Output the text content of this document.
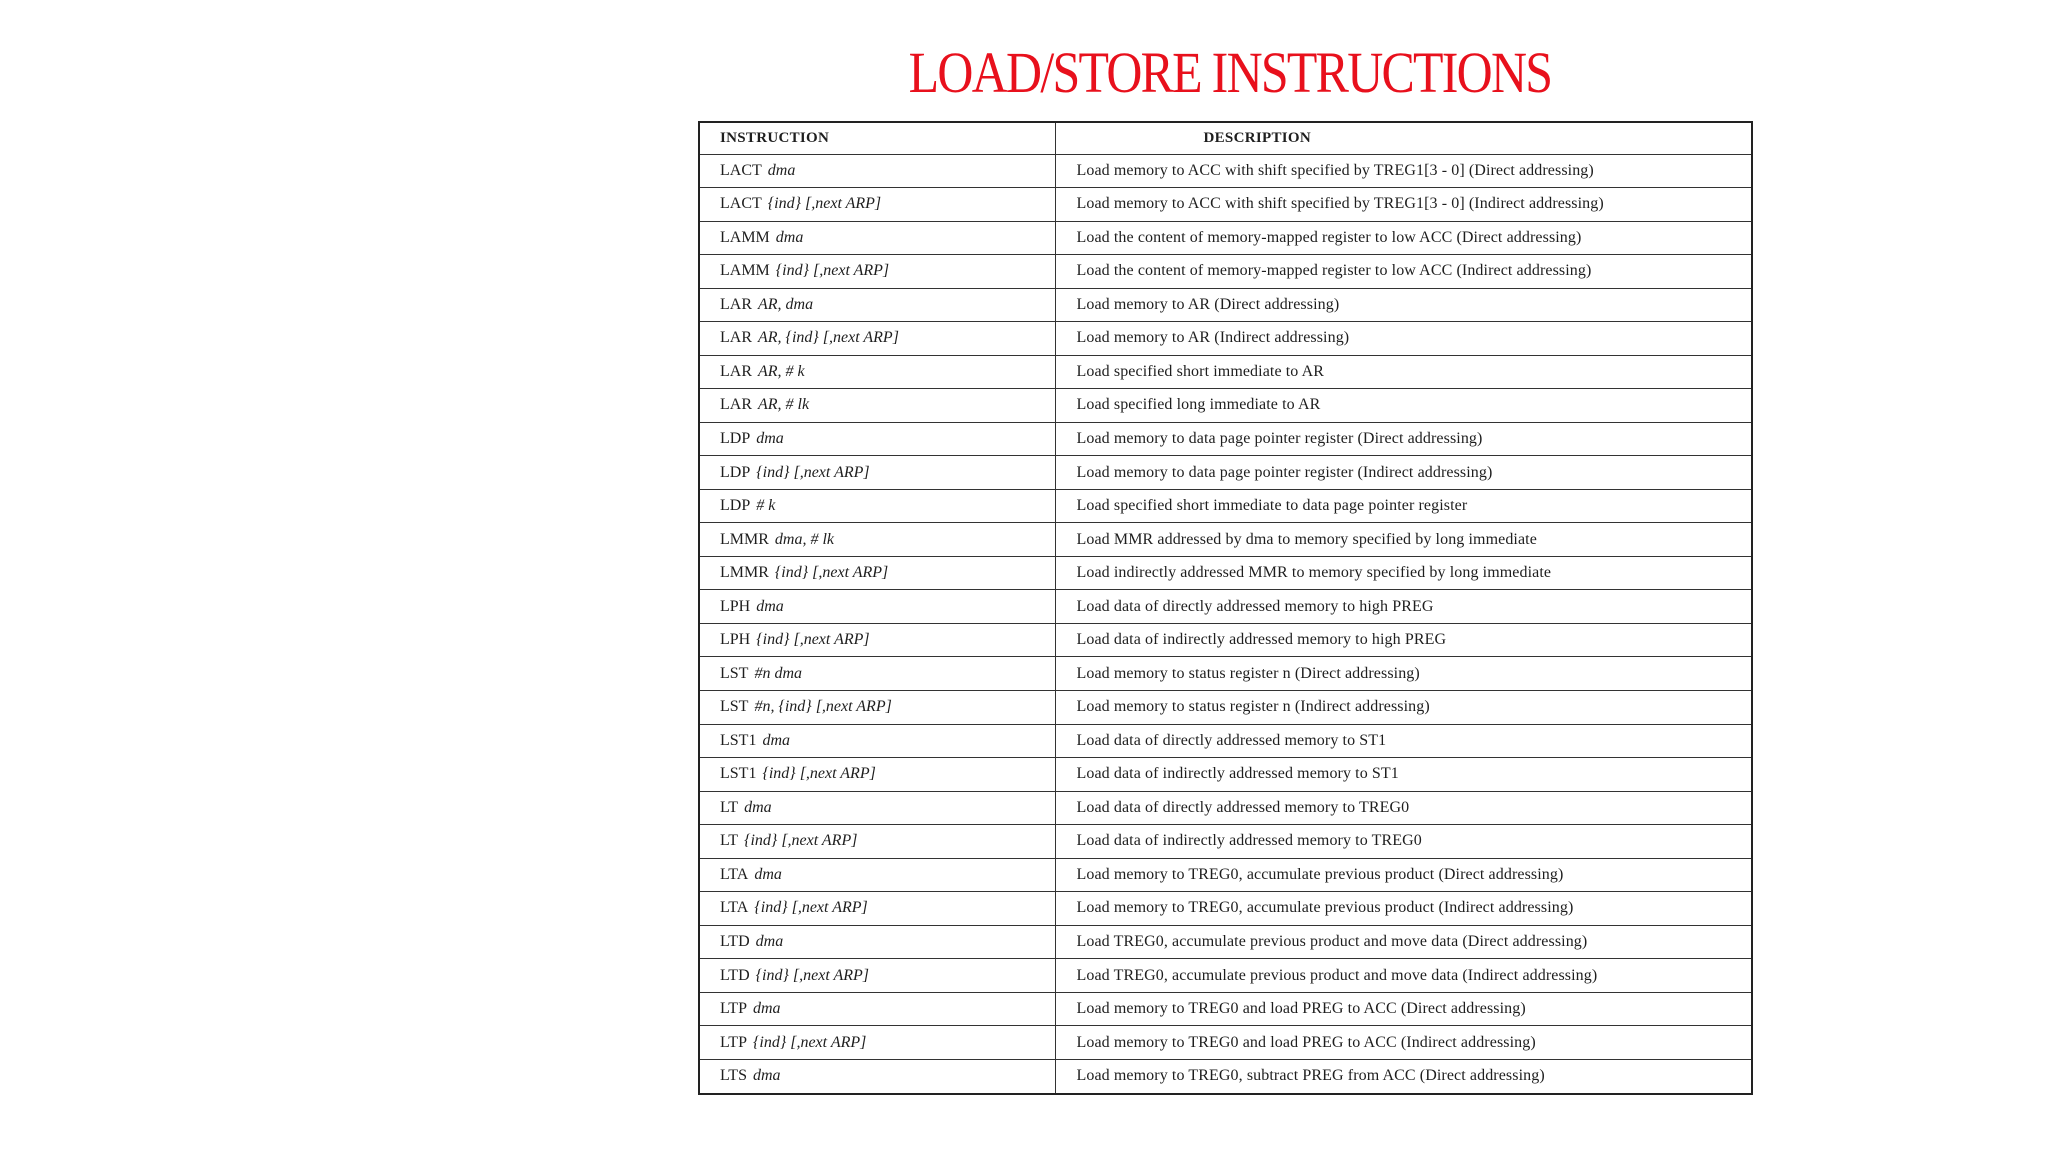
LOAD/STORE INSTRUCTIONS
INSTRUCTION	DESCRIPTION
LACT dma	Load memory to ACC with shift specified by TREG1[3 - 0] (Direct addressing)
LACT {ind} [,next ARP]	Load memory to ACC with shift specified by TREG1[3 - 0] (Indirect addressing)
LAMM dma	Load the content of memory-mapped register to low ACC (Direct addressing)
LAMM {ind} [,next ARP]	Load the content of memory-mapped register to low ACC (Indirect addressing)
LAR AR, dma	Load memory to AR (Direct addressing)
LAR AR, {ind} [,next ARP]	Load memory to AR (Indirect addressing)
LAR AR, # k	Load specified short immediate to AR
LAR AR, # lk	Load specified long immediate to AR
LDP dma	Load memory to data page pointer register (Direct addressing)
LDP {ind} [,next ARP]	Load memory to data page pointer register (Indirect addressing)
LDP # k	Load specified short immediate to data page pointer register
LMMR dma, # lk	Load MMR addressed by dma to memory specified by long immediate
LMMR {ind} [,next ARP]	Load indirectly addressed MMR to memory specified by long immediate
LPH dma	Load data of directly addressed memory to high PREG
LPH {ind} [,next ARP]	Load data of indirectly addressed memory to high PREG
LST #n dma	Load memory to status register n (Direct addressing)
LST #n, {ind} [,next ARP]	Load memory to status register n (Indirect addressing)
LST1 dma	Load data of directly addressed memory to ST1
LST1 {ind} [,next ARP]	Load data of indirectly addressed memory to ST1
LT dma	Load data of directly addressed memory to TREG0
LT {ind} [,next ARP]	Load data of indirectly addressed memory to TREG0
LTA dma	Load memory to TREG0, accumulate previous product (Direct addressing)
LTA {ind} [,next ARP]	Load memory to TREG0, accumulate previous product (Indirect addressing)
LTD dma	Load TREG0, accumulate previous product and move data (Direct addressing)
LTD {ind} [,next ARP]	Load TREG0, accumulate previous product and move data (Indirect addressing)
LTP dma	Load memory to TREG0 and load PREG to ACC (Direct addressing)
LTP {ind} [,next ARP]	Load memory to TREG0 and load PREG to ACC (Indirect addressing)
LTS dma	Load memory to TREG0, subtract PREG from ACC (Direct addressing)
